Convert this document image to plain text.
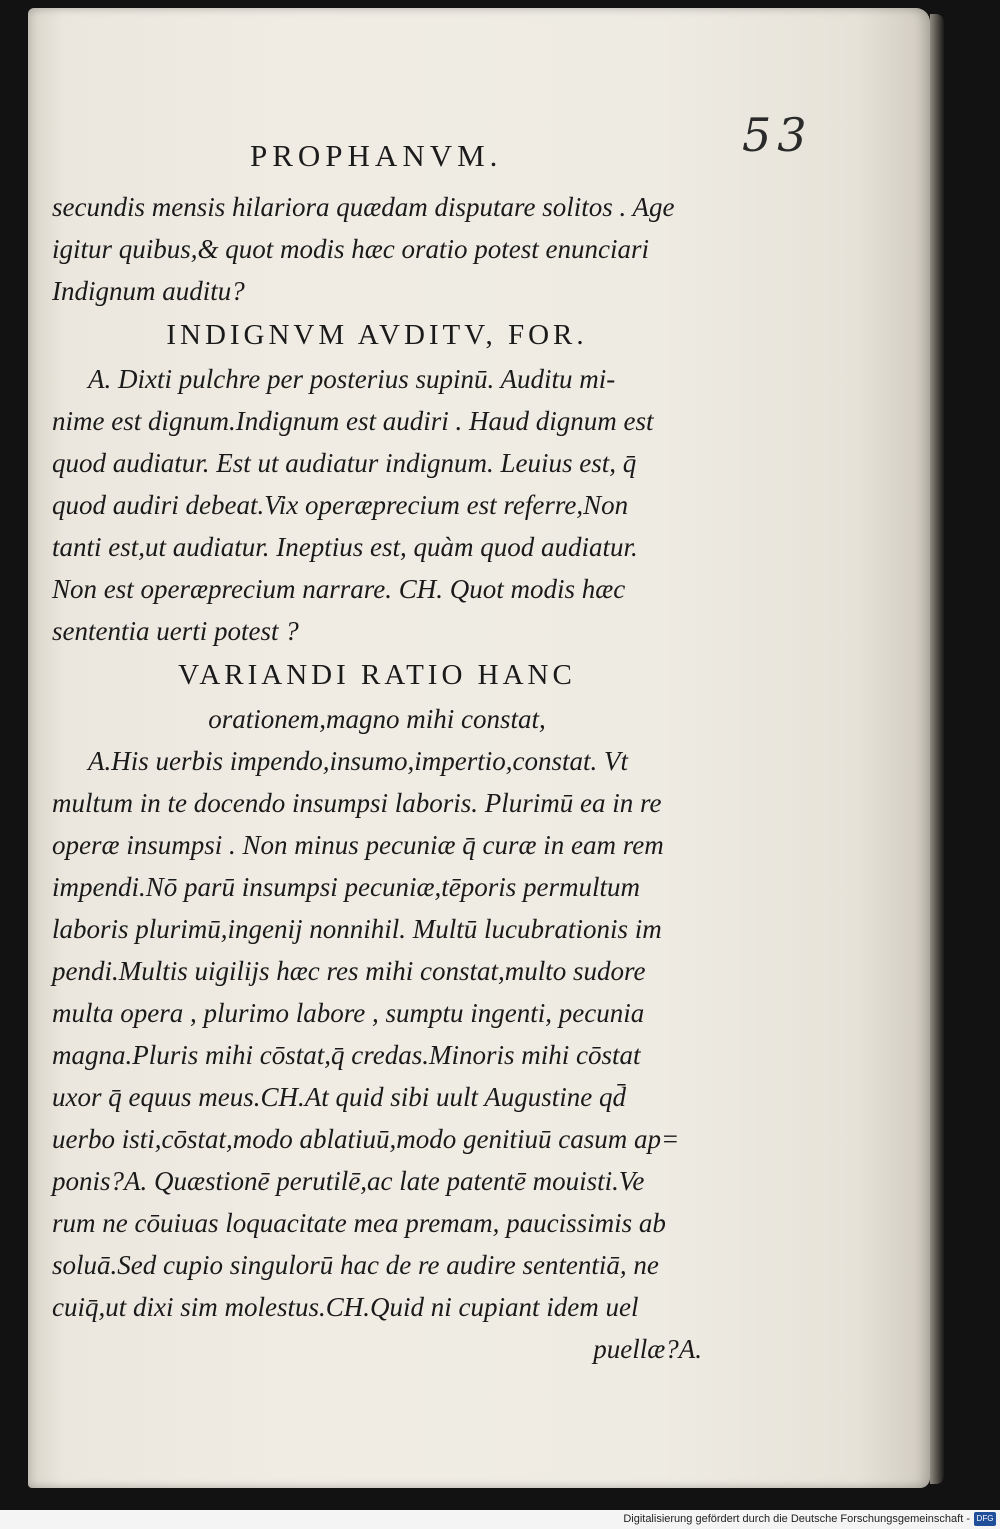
53
PROPHANVM.
secundis mensis hilariora quædam disputare solitos . Age
igitur quibus,& quot modis hæc oratio potest enunciari
Indignum auditu?
INDIGNVM AVDITV, FOR.
A. Dixti pulchre per posterius supinū. Auditu mi-
nime est dignum.Indignum est audiri . Haud dignum est
quod audiatur. Est ut audiatur indignum. Leuius est, q̄
quod audiri debeat.Vix operæprecium est referre,Non
tanti est,ut audiatur. Ineptius est, quàm quod audiatur.
Non est operæprecium narrare. CH. Quot modis hæc
sententia uerti potest ?
VARIANDI RATIO HANC
orationem,magno mihi constat,
A.His uerbis impendo,insumo,impertio,constat. Vt
multum in te docendo insumpsi laboris. Plurimū ea in re
operæ insumpsi . Non minus pecuniæ q̄ curæ in eam rem
impendi.Nō parū insumpsi pecuniæ,tēporis permultum
laboris plurimū,ingenij nonnihil. Multū lucubrationis im
pendi.Multis uigilijs hæc res mihi constat,multo sudore
multa opera , plurimo labore , sumptu ingenti, pecunia
magna.Pluris mihi cōstat,q̄ credas.Minoris mihi cōstat
uxor q̄ equus meus.CH.At quid sibi uult Augustine qd̄
uerbo isti,cōstat,modo ablatiuū,modo genitiuū casum ap=
ponis?A. Quæstionē perutilē,ac late patentē mouisti.Ve
rum ne cōuiuas loquacitate mea premam, paucissimis ab
soluā.Sed cupio singulorū hac de re audire sententiā, ne
cuiq̄,ut dixi sim molestus.CH.Quid ni cupiant idem uel
puellæ?A.
Digitalisierung gefördert durch die Deutsche Forschungsgemeinschaft - DFG
